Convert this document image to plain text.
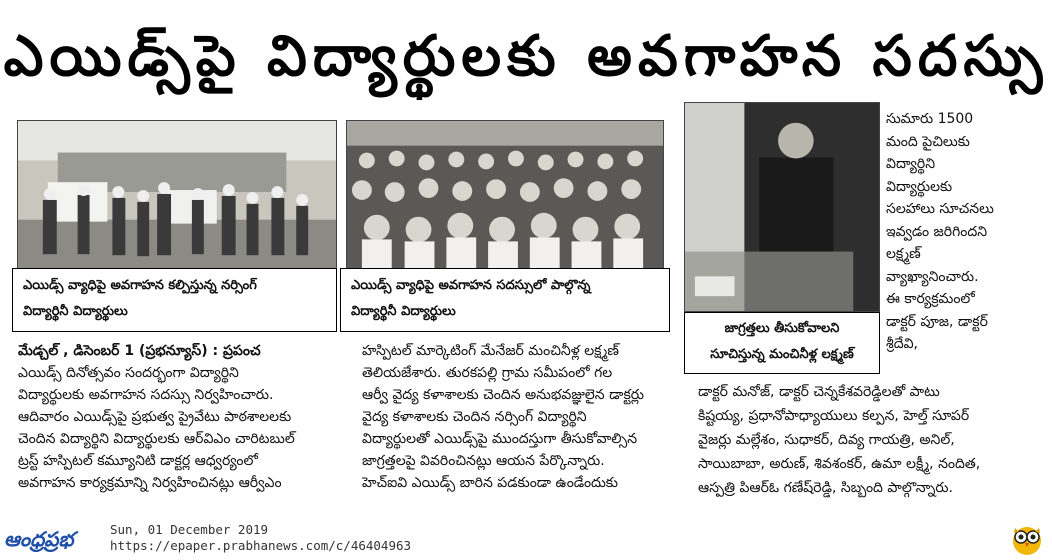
ఎయిడ్స్‌పై విద్యార్థులకు అవగాహన సదస్సు

ఎయిడ్స్‌ వ్యాధిపై అవగాహన కల్పిస్తున్న నర్సింగ్‌

విద్యార్థినీ విద్యార్థులు

ఎయిడ్స్‌ వ్యాధిపై అవగాహన సదస్సులో పాల్గొన్న

విద్యార్థినీ విద్యార్థులు

జాగ్రత్తలు తీసుకోవాలని

సూచిస్తున్న మంచినీళ్ల లక్ష్మణ్‌

సుమారు 1500

మంది పైచిలుకు

విద్యార్థిని

విద్యార్థులకు

సలహాలు సూచనలు

ఇవ్వడం జరిగిందని

లక్ష్మణ్‌

వ్యాఖ్యానించారు.

ఈ కార్యక్రమంలో

డాక్టర్‌ పూజ, డాక్టర్‌

శ్రీదేవి,

మేడ్చల్‌ , డిసెంబర్‌ 1 (ప్రభన్యూస్‌) : ప్రపంచ

ఎయిడ్స్‌ దినోత్సవం సందర్భంగా విద్యార్థిని

విద్యార్థులకు అవగాహన సదస్సు నిర్వహించారు.

ఆదివారం ఎయిడ్స్‌పై ప్రభుత్వ ప్రైవేటు పాఠశాలలకు

చెందిన విద్యార్థిని విద్యార్థులకు ఆర్‌విఎం చారిటబుల్‌

ట్రస్ట్‌ హస్పిటల్‌ కమ్యూనిటి డాక్టర్ల ఆధ్వర్యంలో

అవగాహన కార్యక్రమాన్ని నిర్వహించినట్లు ఆర్వీఎం

హస్పిటల్‌ మార్కెటింగ్‌ మేనేజర్‌ మంచినీళ్ల లక్ష్మణ్‌

తెలియజేశారు. తురకపల్లి గ్రామ సమీపంలో గల

ఆర్వీ వైద్య కళాశాలకు చెందిన అనుభవజ్ఞులైన డాక్టర్లు

వైద్య కళాశాలకు చెందిన నర్సింగ్‌ విద్యార్థిని

విద్యార్థులతో ఎయిడ్స్‌పై ముందస్తుగా తీసుకోవాల్సిన

జాగ్రత్తలపై వివరించినట్లు ఆయన పేర్కొన్నారు.

హెచ్‌ఐవి ఎయిడ్స్‌ బారిన పడకుండా ఉండేందుకు

డాక్టర్‌ మనోజ్‌, డాక్టర్‌ చెన్నకేశవరెడ్డిలతో పాటు

కిష్టయ్య, ప్రధానోపాధ్యాయులు కల్పన, హెల్త్‌ సూపర్‌

వైజర్లు మల్లేశం, సుధాకర్‌, దివ్య గాయత్రి, అనిల్‌,

సాయిబాబా, అరుణ్‌, శివశంకర్‌, ఉమా లక్ష్మీ, నందిత,

ఆస్పత్రి పిఆర్‌ఓ గణేష్‌రెడ్డి, సిబ్బంది పాల్గొన్నారు.

ఆంధ్రప్రభ	Sun, 01 December 2019
https://epaper.prabhanews.com/c/46404963
